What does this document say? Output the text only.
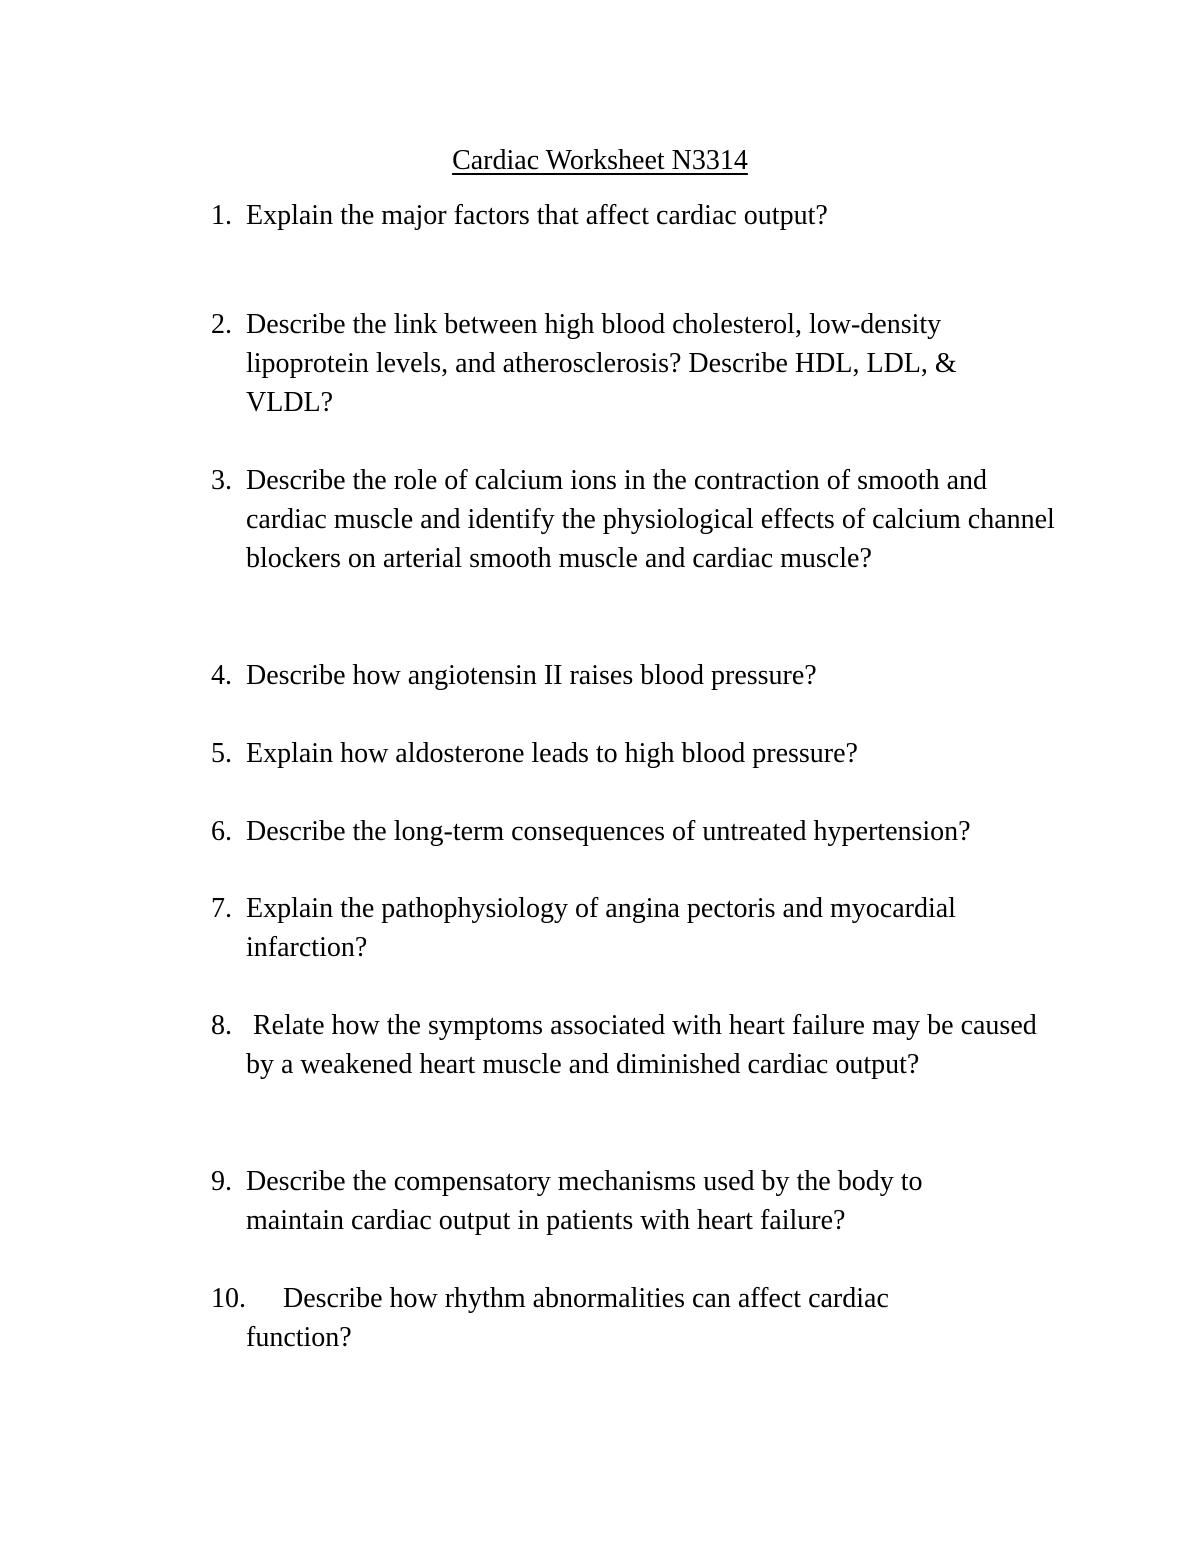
Cardiac Worksheet N3314
1. Explain the major factors that affect cardiac output?
2. Describe the link between high blood cholesterol, low-density lipoprotein levels, and atherosclerosis? Describe HDL, LDL, & VLDL?
3. Describe the role of calcium ions in the contraction of smooth and cardiac muscle and identify the physiological effects of calcium channel blockers on arterial smooth muscle and cardiac muscle?
4. Describe how angiotensin II raises blood pressure?
5. Explain how aldosterone leads to high blood pressure?
6. Describe the long-term consequences of untreated hypertension?
7. Explain the pathophysiology of angina pectoris and myocardial infarction?
8. Relate how the symptoms associated with heart failure may be caused by a weakened heart muscle and diminished cardiac output?
9. Describe the compensatory mechanisms used by the body to maintain cardiac output in patients with heart failure?
10.	Describe how rhythm abnormalities can affect cardiac function?
